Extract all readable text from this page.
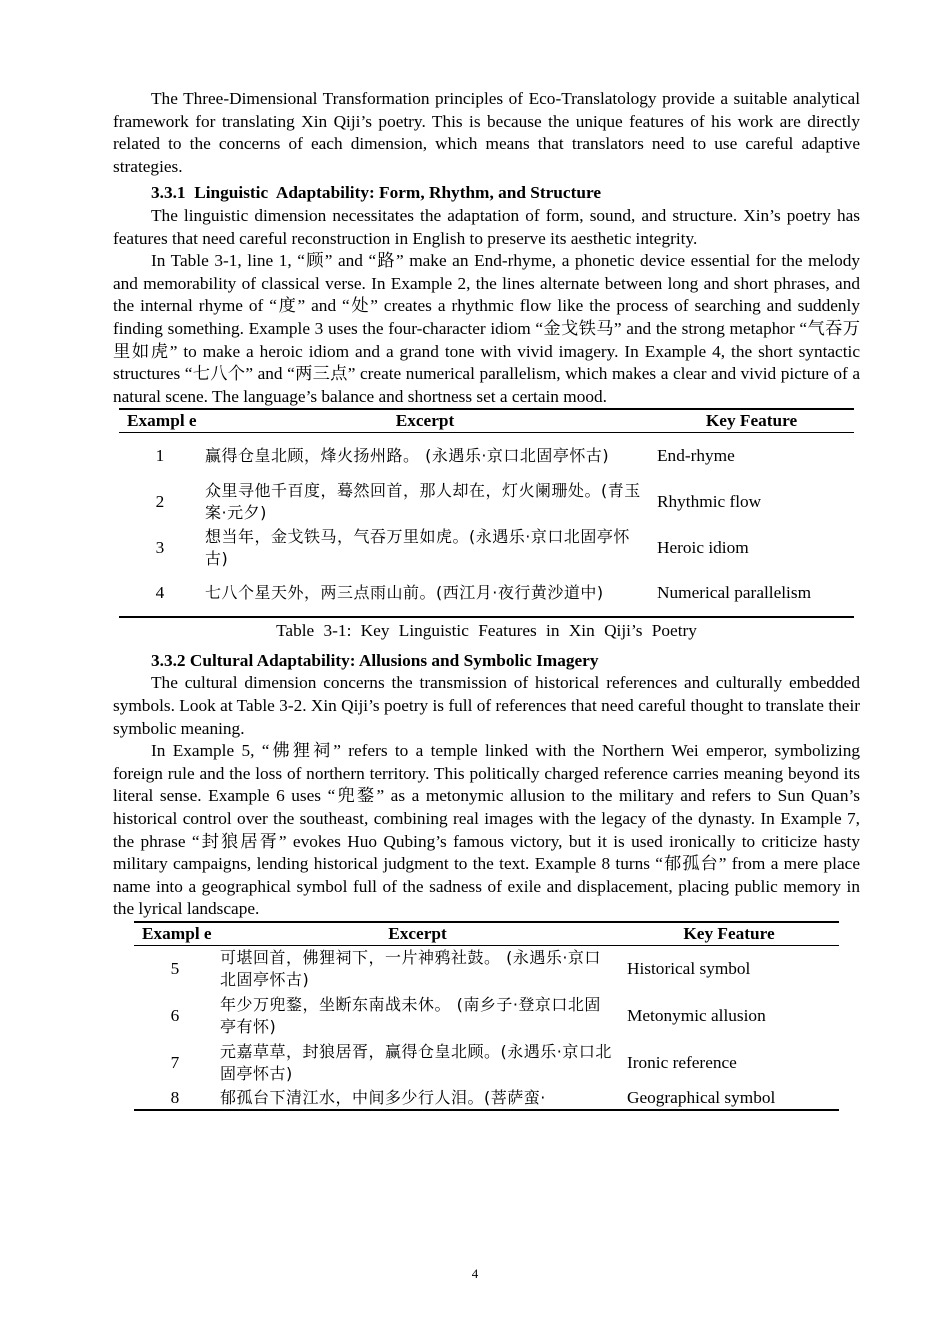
The Three-Dimensional Transformation principles of Eco-Translatology provide a suitable analytical framework for translating Xin Qiji’s poetry. This is because the unique features of his work are directly related to the concerns of each dimension, which means that translators need to use careful adaptive strategies.

3.3.1  Linguistic  Adaptability: Form, Rhythm, and Structure

The linguistic dimension necessitates the adaptation of form, sound, and structure. Xin’s poetry has features that need careful reconstruction in English to preserve its aesthetic integrity.

In Table 3-1, line 1, “顾” and “路” make an End-rhyme, a phonetic device essential for the melody and memorability of classical verse. In Example 2, the lines alternate between long and short phrases, and the internal rhyme of “度” and “处” creates a rhythmic flow like the process of searching and suddenly finding something. Example 3 uses the four-character idiom “金戈铁马” and the strong metaphor “气吞万里如虎” to make a heroic idiom and a grand tone with vivid imagery. In Example 4, the short syntactic structures “七八个” and “两三点” create numerical parallelism, which makes a clear and vivid picture of a natural scene. The language’s balance and shortness set a certain mood.

Exampl e	Excerpt	Key Feature
1	赢得仓皇北顾，烽火扬州路。 (永遇乐·京口北固亭怀古)	End-rhyme
2	众里寻他千百度，蓦然回首，那人却在，灯火阑珊处。(青玉案·元夕)	Rhythmic flow
3	想当年，金戈铁马，气吞万里如虎。(永遇乐·京口北固亭怀古)	Heroic idiom
4	七八个星天外，两三点雨山前。(西江月·夜行黄沙道中)	Numerical parallelism
Table 3-1: Key Linguistic Features in Xin Qiji’s Poetry
3.3.2 Cultural Adaptability: Allusions and Symbolic Imagery

The cultural dimension concerns the transmission of historical references and culturally embedded symbols. Look at Table 3-2. Xin Qiji’s poetry is full of references that need careful thought to translate their symbolic meaning.

In Example 5, “佛狸祠” refers to a temple linked with the Northern Wei emperor, symbolizing foreign rule and the loss of northern territory. This politically charged reference carries meaning beyond its literal sense. Example 6 uses “兜鍪” as a metonymic allusion to the military and refers to Sun Quan’s historical control over the southeast, combining real images with the legacy of the dynasty. In Example 7, the phrase “封狼居胥” evokes Huo Qubing’s famous victory, but it is used ironically to criticize hasty military campaigns, lending historical judgment to the text. Example 8 turns “郁孤台” from a mere place name into a geographical symbol full of the sadness of exile and displacement, placing public memory in the lyrical landscape.

Exampl e	Excerpt	Key Feature
5	可堪回首，佛狸祠下，一片神鸦社鼓。 (永遇乐·京口北固亭怀古)	Historical symbol
6	年少万兜鍪，坐断东南战未休。 (南乡子·登京口北固亭有怀)	Metonymic allusion
7	元嘉草草，封狼居胥，赢得仓皇北顾。(永遇乐·京口北固亭怀古)	Ironic reference
8	郁孤台下清江水，中间多少行人泪。(菩萨蛮·	Geographical symbol
4
